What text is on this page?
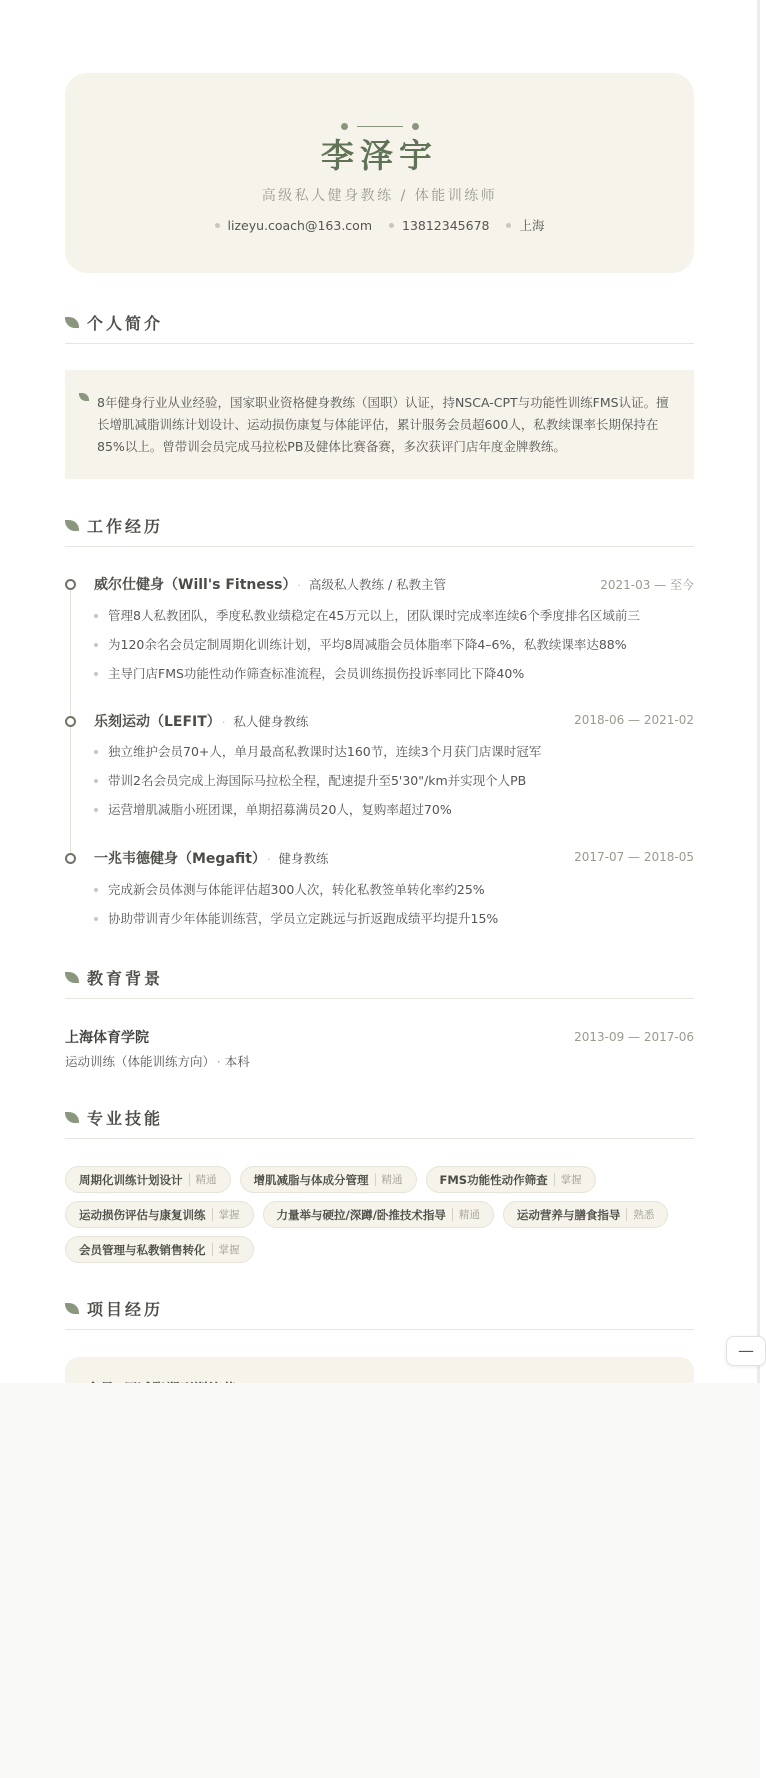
李泽宇
高级私人健身教练 / 体能训练师
lizeyu.coach@163.com 13812345678 上海
个人简介

8年健身行业从业经验，国家职业资格健身教练（国职）认证，持NSCA-CPT与功能性训练FMS认证。擅

长增肌减脂训练计划设计、运动损伤康复与体能评估，累计服务会员超600人，私教续课率长期保持在

85%以上。曾带训会员完成马拉松PB及健体比赛备赛，多次获评门店年度金牌教练。

工作经历
威尔仕健身（Will's Fitness） · 高级私人教练 / 私教主管	2021-03 — 至今
管理8人私教团队，季度私教业绩稳定在45万元以上，团队课时完成率连续6个季度排名区域前三
为120余名会员定制周期化训练计划，平均8周减脂会员体脂率下降4–6%，私教续课率达88%
主导门店FMS功能性动作筛查标准流程，会员训练损伤投诉率同比下降40%
乐刻运动（LEFIT） · 私人健身教练	2018-06 — 2021-02
独立维护会员70+人，单月最高私教课时达160节，连续3个月获门店课时冠军
带训2名会员完成上海国际马拉松全程，配速提升至5'30"/km并实现个人PB
运营增肌减脂小班团课，单期招募满员20人，复购率超过70%
一兆韦德健身（Megafit） · 健身教练	2017-07 — 2018-05
完成新会员体测与体能评估超300人次，转化私教签单转化率约25%
协助带训青少年体能训练营，学员立定跳远与折返跑成绩平均提升15%
教育背景
上海体育学院	2013-09 — 2017-06
运动训练（体能训练方向） · 本科
专业技能
周期化训练计划设计 精通	增肌减脂与体成分管理 精通	FMS功能性动作筛查 掌握
运动损伤评估与康复训练 掌握	力量举与硬拉/深蹲/卧推技术指导 精通	运动营养与膳食指导 熟悉
会员管理与私教销售转化 掌握
项目经历
—
